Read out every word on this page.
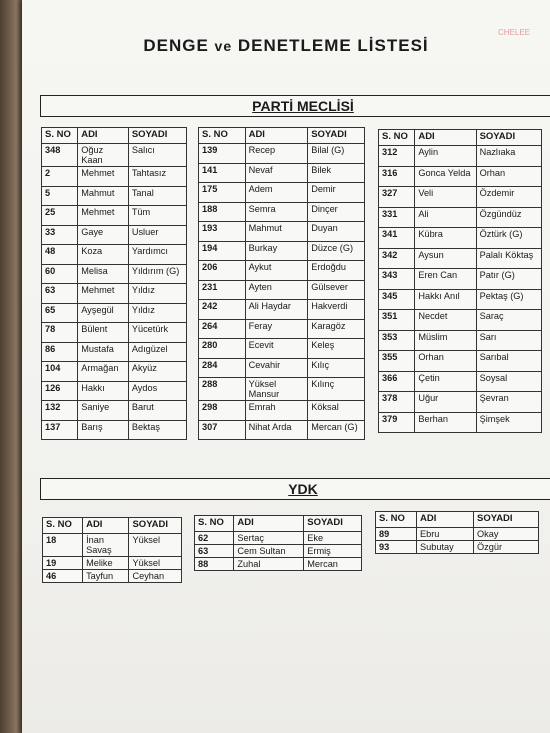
CHELEE
DENGE ve DENETLEME LİSTESİ
PARTİ MECLİSİ
S. NO	ADI	SOYADI
348	Oğuz Kaan	Salıcı
2	Mehmet	Tahtasız
5	Mahmut	Tanal
25	Mehmet	Tüm
33	Gaye	Usluer
48	Koza	Yardımcı
60	Melisa	Yıldırım (G)
63	Mehmet	Yıldız
65	Ayşegül	Yıldız
78	Bülent	Yücetürk
86	Mustafa	Adıgüzel
104	Armağan	Akyüz
126	Hakkı	Aydos
132	Saniye	Barut
137	Barış	Bektaş
S. NO	ADI	SOYADI
139	Recep	Bilal (G)
141	Nevaf	Bilek
175	Adem	Demir
188	Semra	Dinçer
193	Mahmut	Duyan
194	Burkay	Düzce (G)
206	Aykut	Erdoğdu
231	Ayten	Gülsever
242	Ali Haydar	Hakverdi
264	Feray	Karagöz
280	Ecevit	Keleş
284	Cevahir	Kılıç
288	Yüksel Mansur	Kılınç
298	Emrah	Köksal
307	Nihat Arda	Mercan (G)
S. NO	ADI	SOYADI
312	Aylin	Nazlıaka
316	Gonca Yelda	Orhan
327	Veli	Özdemir
331	Ali	Özgündüz
341	Kübra	Öztürk (G)
342	Aysun	Palalı Köktaş
343	Eren Can	Patır (G)
345	Hakkı Anıl	Pektaş (G)
351	Necdet	Saraç
353	Müslim	Sarı
355	Orhan	Sarıbal
366	Çetin	Soysal
378	Uğur	Şevran
379	Berhan	Şimşek
YDK
S. NO	ADI	SOYADI
18	İnan Savaş	Yüksel
19	Melike	Yüksel
46	Tayfun	Ceyhan
S. NO	ADI	SOYADI
62	Sertaç	Eke
63	Cem Sultan	Ermiş
88	Zuhal	Mercan
S. NO	ADI	SOYADI
89	Ebru	Okay
93	Subutay	Özgür
